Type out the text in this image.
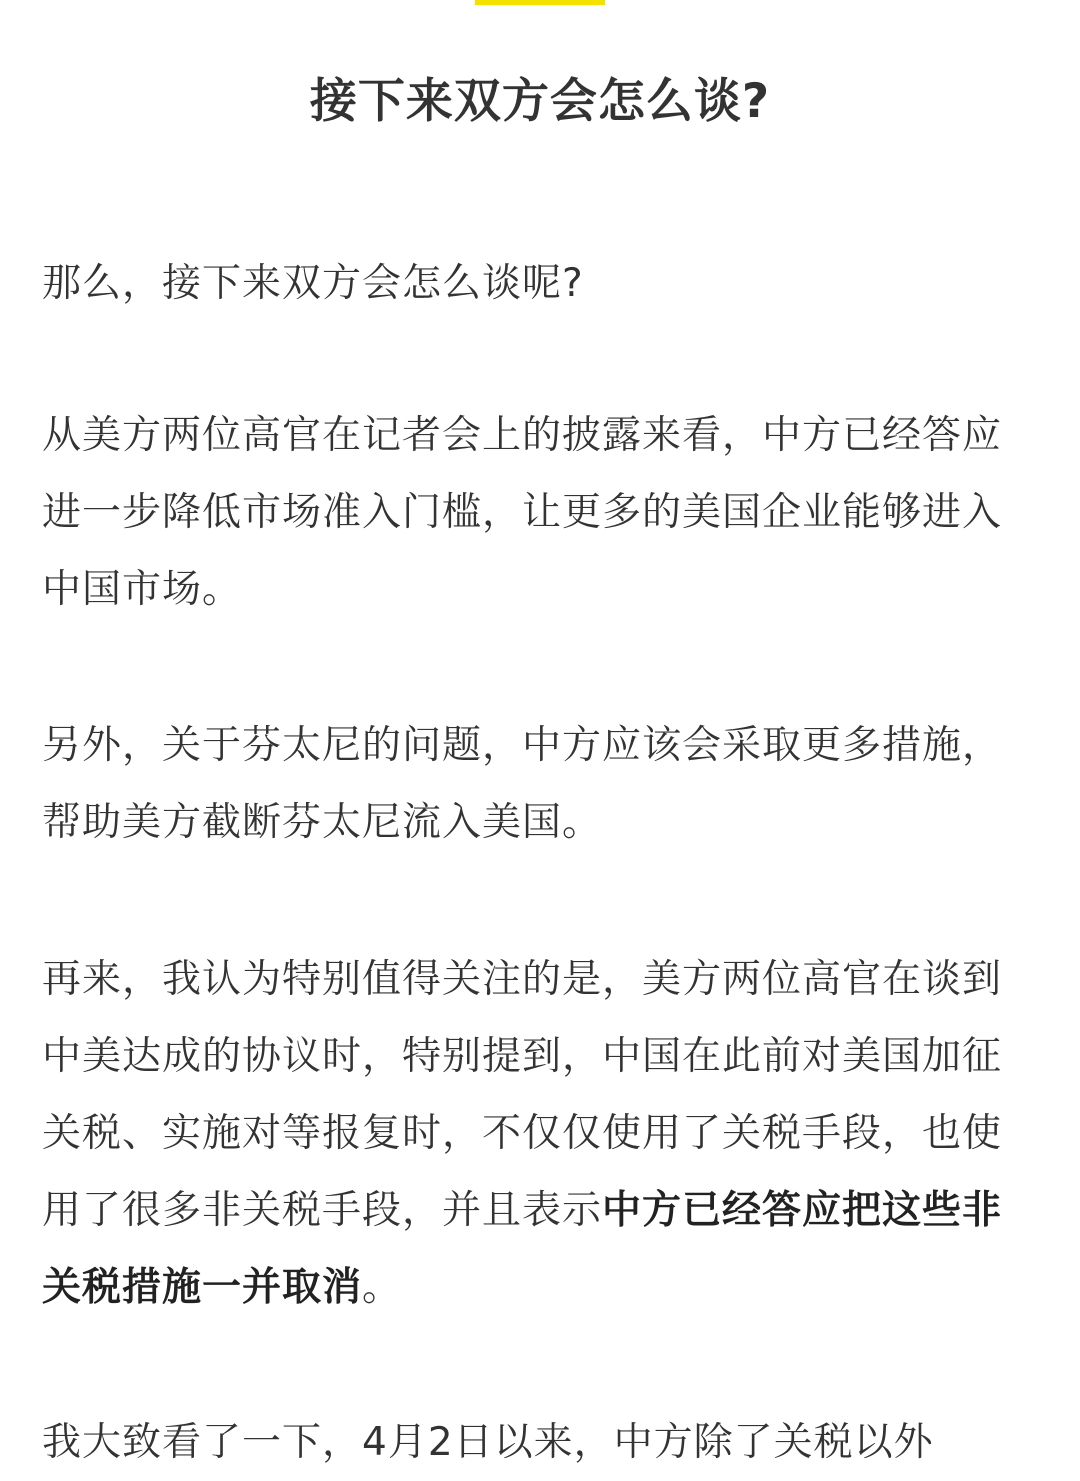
接下来双方会怎么谈?

那么，接下来双方会怎么谈呢?

从美方两位高官在记者会上的披露来看，中方已经答应进一步降低市场准入门槛，让更多的美国企业能够进入中国市场。

另外，关于芬太尼的问题，中方应该会采取更多措施，帮助美方截断芬太尼流入美国。

再来，我认为特别值得关注的是，美方两位高官在谈到中美达成的协议时，特别提到，中国在此前对美国加征关税、实施对等报复时，不仅仅使用了关税手段，也使用了很多非关税手段，并且表示中方已经答应把这些非关税措施一并取消。

我大致看了一下，4月2日以来，中方除了关税以外
